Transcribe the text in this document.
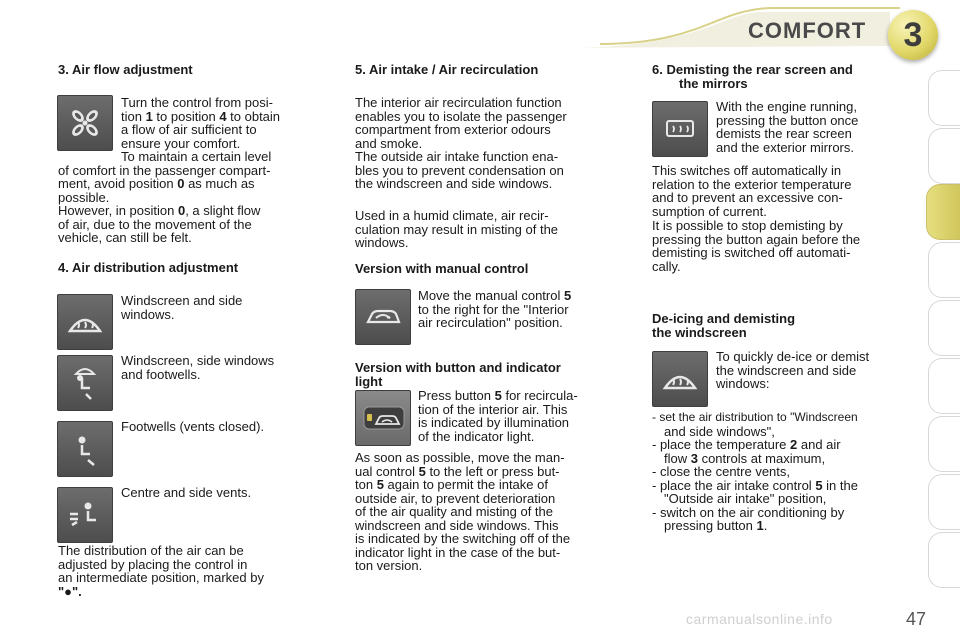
COMFORT	3
3. Air flow adjustment

Turn the control from posi-
tion 1 to position 4 to obtain
a flow of air sufficient to
ensure your comfort.

To maintain a certain level
of comfort in the passenger compart-
ment, avoid position 0 as much as
possible.

However, in position 0, a slight flow
of air, due to the movement of the
vehicle, can still be felt.

4. Air distribution adjustment

Windscreen and side
windows.

Windscreen, side windows
and footwells.

Footwells (vents closed).

Centre and side vents.

The distribution of the air can be
adjusted by placing the control in
an intermediate position, marked by
"●".

5. Air intake / Air recirculation

The interior air recirculation function
enables you to isolate the passenger
compartment from exterior odours
and smoke.

The outside air intake function ena-
bles you to prevent condensation on
the windscreen and side windows.

Used in a humid climate, air recir-
culation may result in misting of the
windows.

Version with manual control

Move the manual control 5
to the right for the "Interior
air recirculation" position.

Version with button and indicator
light

Press button 5 for recircula-
tion of the interior air. This
is indicated by illumination
of the indicator light.

As soon as possible, move the man-
ual control 5 to the left or press but-
ton 5 again to permit the intake of
outside air, to prevent deterioration
of the air quality and misting of the
windscreen and side windows. This
is indicated by the switching off of the
indicator light in the case of the but-
ton version.

6. Demisting the rear screen and
the mirrors

With the engine running,
pressing the button once
demists the rear screen
and the exterior mirrors.

This switches off automatically in
relation to the exterior temperature
and to prevent an excessive con-
sumption of current.

It is possible to stop demisting by
pressing the button again before the
demisting is switched off automati-
cally.

De-icing and demisting
the windscreen

To quickly de-ice or demist
the windscreen and side
windows:

- set the air distribution to "Windscreen
and side windows",
- place the temperature 2 and air
flow 3 controls at maximum,
- close the centre vents,
- place the air intake control 5 in the
"Outside air intake" position,
- switch on the air conditioning by
pressing button 1.
carmanualsonline.info	47
